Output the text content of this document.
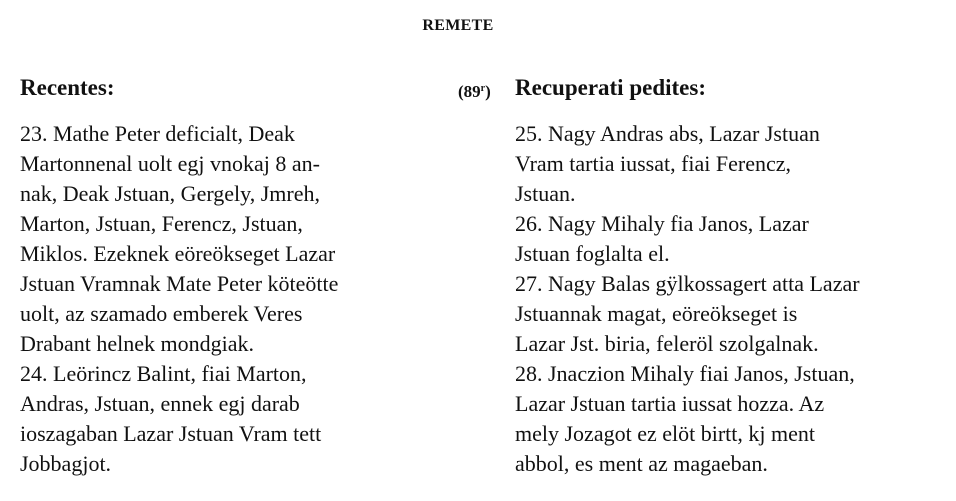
REMETE
(89$^r$)
Recentes:

23. Mathe Peter deficialt, Deak
Martonnenal uolt egj vnokaj 8 an-
nak, Deak Jstuan, Gergely, Jmreh,
Marton, Jstuan, Ferencz, Jstuan,
Miklos. Ezeknek eöreökseget Lazar
Jstuan Vramnak Mate Peter köteötte
uolt, az szamado emberek Veres
Drabant helnek mondgiak.

24. Leörincz Balint, fiai Marton,
Andras, Jstuan, ennek egj darab
ioszagaban Lazar Jstuan Vram tett
Jobbagjot.

Recuperati pedites:

25. Nagy Andras abs, Lazar Jstuan
Vram tartia iussat, fiai Ferencz,
Jstuan.

26. Nagy Mihaly fia Janos, Lazar
Jstuan foglalta el.

27. Nagy Balas gÿlkossagert atta Lazar
Jstuannak magat, eöreökseget is
Lazar Jst. biria, feleröl szolgalnak.

28. Jnaczion Mihaly fiai Janos, Jstuan,
Lazar Jstuan tartia iussat hozza. Az
mely Jozagot ez elöt birtt, kj ment
abbol, es ment az magaeban.
